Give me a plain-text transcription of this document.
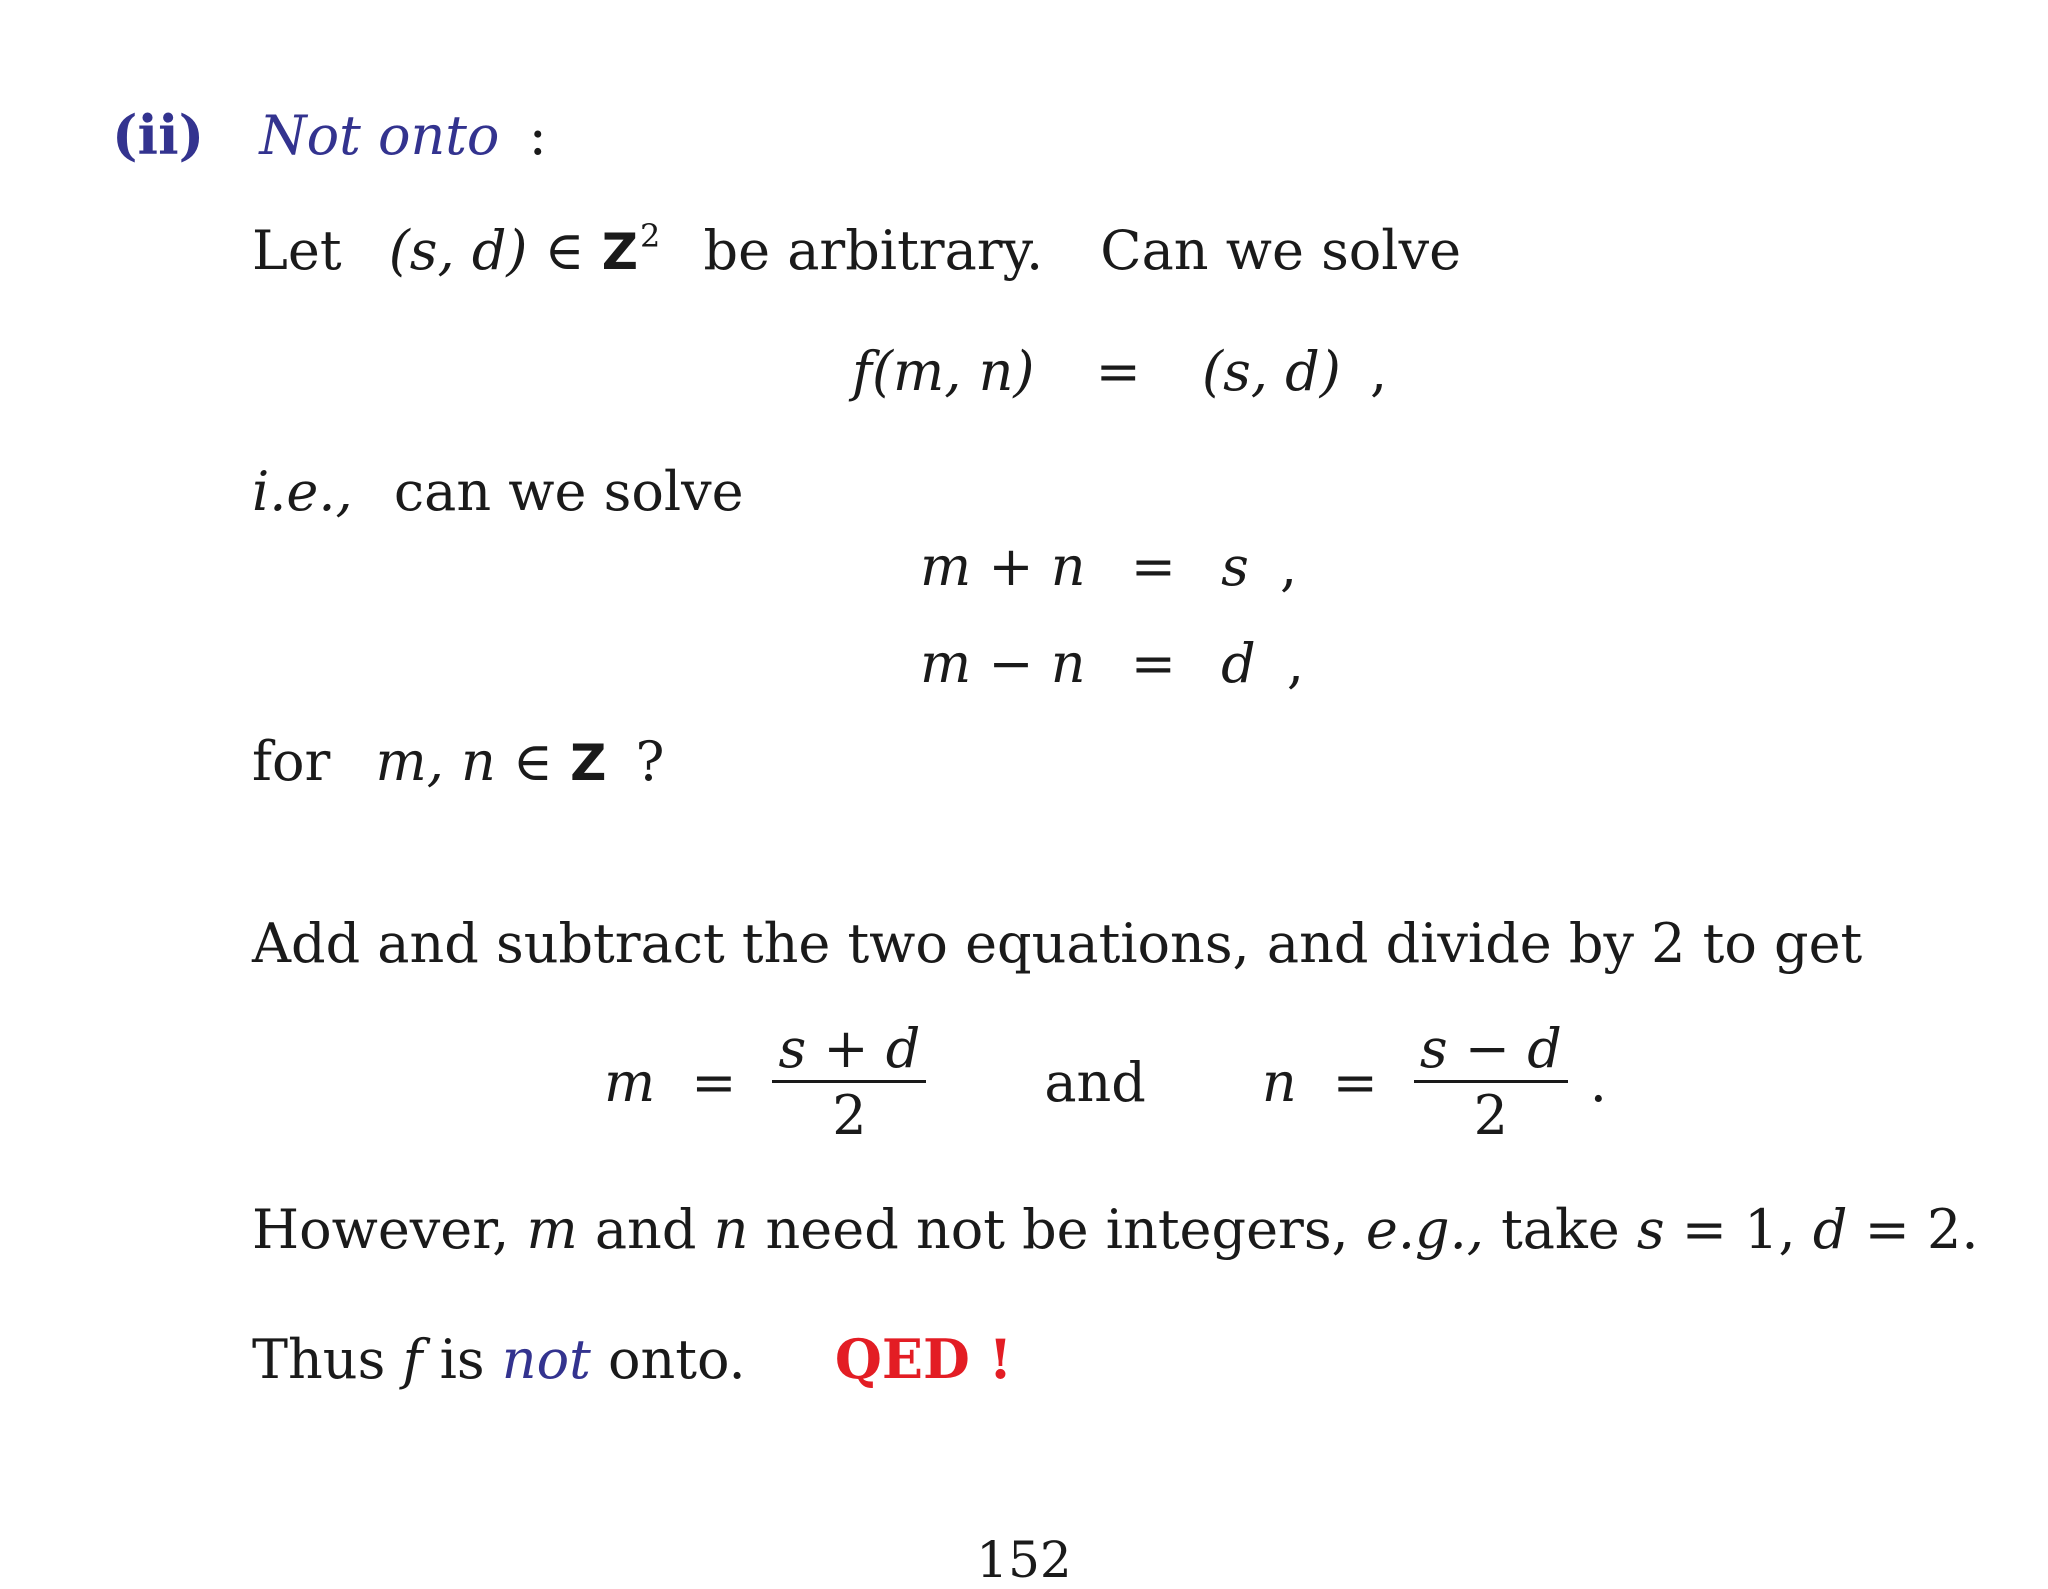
(ii) Not onto :
Let (s, d) ∈ $Z^2$ be arbitrary. Can we solve
f(m, n) = (s, d) ,
i.e., can we solve
m + n = s ,
m − n = d ,
for m, n ∈ Z ?
Add and subtract the two equations, and divide by 2 to get
$m = \frac{s + d}{2}$ and $n = \frac{s - d}{2}$ .
However, m and n need not be integers, e.g., take s = 1, d = 2.
Thus f is not onto. QED !
152
